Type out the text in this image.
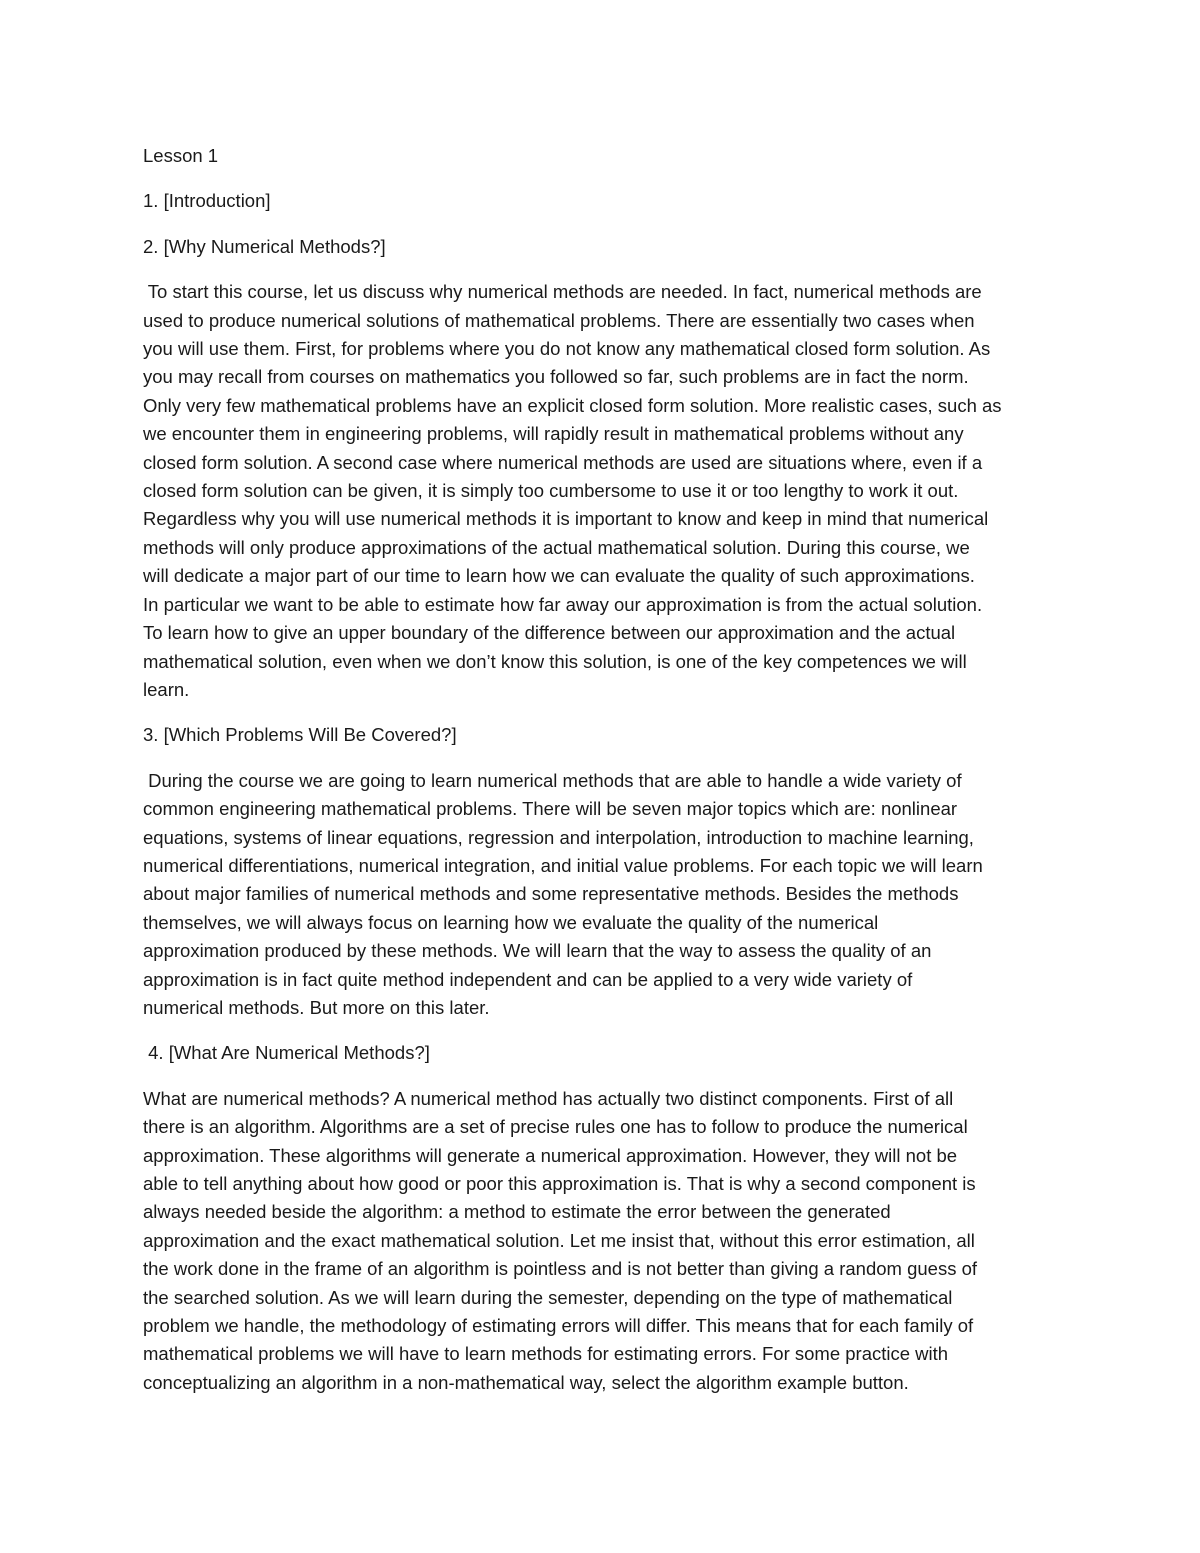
Lesson 1
1. [Introduction]
2. [Why Numerical Methods?]
To start this course, let us discuss why numerical methods are needed. In fact, numerical methods are
used to produce numerical solutions of mathematical problems. There are essentially two cases when
you will use them. First, for problems where you do not know any mathematical closed form solution. As
you may recall from courses on mathematics you followed so far, such problems are in fact the norm.
Only very few mathematical problems have an explicit closed form solution. More realistic cases, such as
we encounter them in engineering problems, will rapidly result in mathematical problems without any
closed form solution. A second case where numerical methods are used are situations where, even if a
closed form solution can be given, it is simply too cumbersome to use it or too lengthy to work it out.
Regardless why you will use numerical methods it is important to know and keep in mind that numerical
methods will only produce approximations of the actual mathematical solution. During this course, we
will dedicate a major part of our time to learn how we can evaluate the quality of such approximations.
In particular we want to be able to estimate how far away our approximation is from the actual solution.
To learn how to give an upper boundary of the difference between our approximation and the actual
mathematical solution, even when we don’t know this solution, is one of the key competences we will
learn.
3. [Which Problems Will Be Covered?]
During the course we are going to learn numerical methods that are able to handle a wide variety of
common engineering mathematical problems. There will be seven major topics which are: nonlinear
equations, systems of linear equations, regression and interpolation, introduction to machine learning,
numerical differentiations, numerical integration, and initial value problems. For each topic we will learn
about major families of numerical methods and some representative methods. Besides the methods
themselves, we will always focus on learning how we evaluate the quality of the numerical
approximation produced by these methods. We will learn that the way to assess the quality of an
approximation is in fact quite method independent and can be applied to a very wide variety of
numerical methods. But more on this later.
4. [What Are Numerical Methods?]
What are numerical methods? A numerical method has actually two distinct components. First of all
there is an algorithm. Algorithms are a set of precise rules one has to follow to produce the numerical
approximation. These algorithms will generate a numerical approximation. However, they will not be
able to tell anything about how good or poor this approximation is. That is why a second component is
always needed beside the algorithm: a method to estimate the error between the generated
approximation and the exact mathematical solution. Let me insist that, without this error estimation, all
the work done in the frame of an algorithm is pointless and is not better than giving a random guess of
the searched solution. As we will learn during the semester, depending on the type of mathematical
problem we handle, the methodology of estimating errors will differ. This means that for each family of
mathematical problems we will have to learn methods for estimating errors. For some practice with
conceptualizing an algorithm in a non-mathematical way, select the algorithm example button.
